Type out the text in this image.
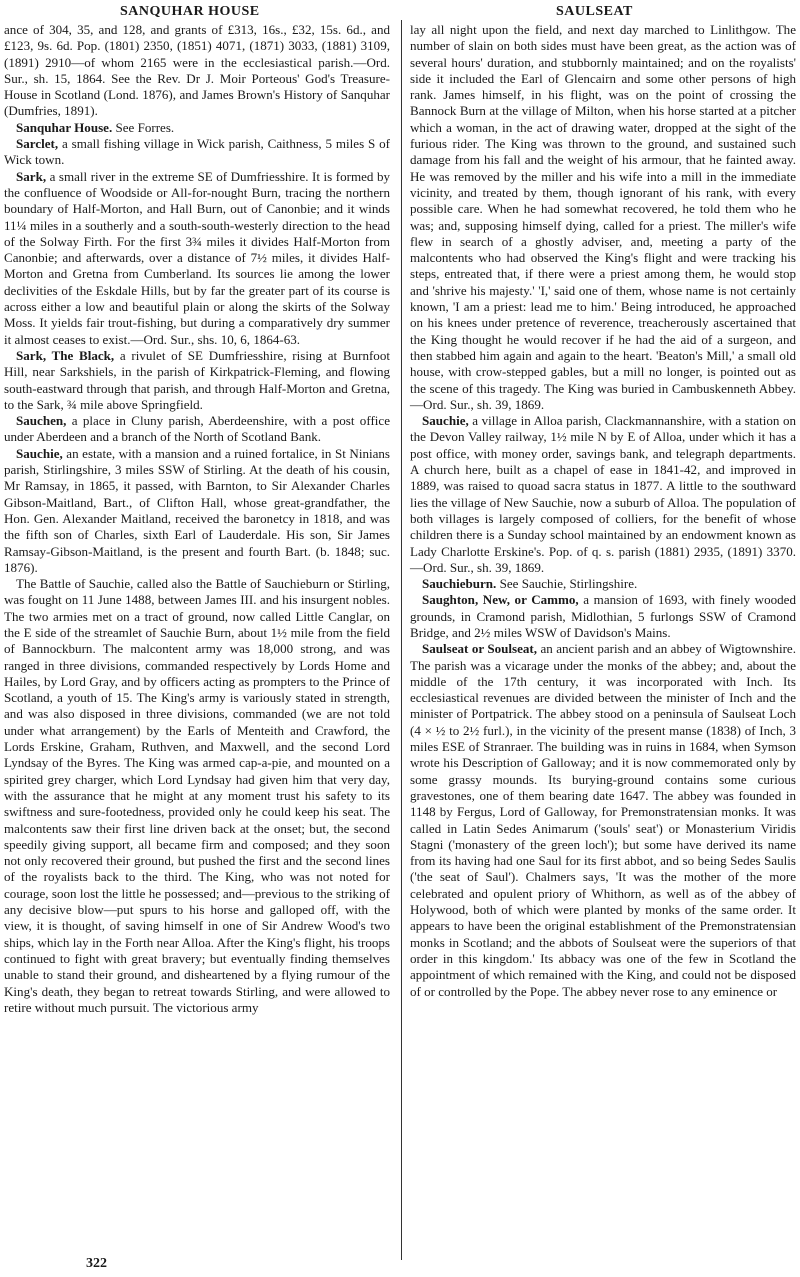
SANQUHAR HOUSE	SAULSEAT

ance of 304, 35, and 128, and grants of £313, 16s., £32, 15s. 6d., and £123, 9s. 6d. Pop. (1801) 2350, (1851) 4071, (1871) 3033, (1881) 3109, (1891) 2910—of whom 2165 were in the ecclesiastical parish.—Ord. Sur., sh. 15, 1864. See the Rev. Dr J. Moir Porteous' God's Treasure-House in Scotland (Lond. 1876), and James Brown's History of Sanquhar (Dumfries, 1891).

Sanquhar House. See Forres.

Sarclet, a small fishing village in Wick parish, Caithness, 5 miles S of Wick town.

Sark, a small river in the extreme SE of Dumfriesshire. It is formed by the confluence of Woodside or All-for-nought Burn, tracing the northern boundary of Half-Morton, and Hall Burn, out of Canonbie; and it winds 11¼ miles in a southerly and a south-south-westerly direction to the head of the Solway Firth. For the first 3¾ miles it divides Half-Morton from Canonbie; and afterwards, over a distance of 7½ miles, it divides Half-Morton and Gretna from Cumberland. Its sources lie among the lower declivities of the Eskdale Hills, but by far the greater part of its course is across either a low and beautiful plain or along the skirts of the Solway Moss. It yields fair trout-fishing, but during a comparatively dry summer it almost ceases to exist.—Ord. Sur., shs. 10, 6, 1864-63.

Sark, The Black, a rivulet of SE Dumfriesshire, rising at Burnfoot Hill, near Sarkshiels, in the parish of Kirkpatrick-Fleming, and flowing south-eastward through that parish, and through Half-Morton and Gretna, to the Sark, ¾ mile above Springfield.

Sauchen, a place in Cluny parish, Aberdeenshire, with a post office under Aberdeen and a branch of the North of Scotland Bank.

Sauchie, an estate, with a mansion and a ruined fortalice, in St Ninians parish, Stirlingshire, 3 miles SSW of Stirling. At the death of his cousin, Mr Ramsay, in 1865, it passed, with Barnton, to Sir Alexander Charles Gibson-Maitland, Bart., of Clifton Hall, whose great-grandfather, the Hon. Gen. Alexander Maitland, received the baronetcy in 1818, and was the fifth son of Charles, sixth Earl of Lauderdale. His son, Sir James Ramsay-Gibson-Maitland, is the present and fourth Bart. (b. 1848; suc. 1876).

The Battle of Sauchie, called also the Battle of Sauchieburn or Stirling, was fought on 11 June 1488, between James III. and his insurgent nobles. The two armies met on a tract of ground, now called Little Canglar, on the E side of the streamlet of Sauchie Burn, about 1½ mile from the field of Bannockburn. The malcontent army was 18,000 strong, and was ranged in three divisions, commanded respectively by Lords Home and Hailes, by Lord Gray, and by officers acting as prompters to the Prince of Scotland, a youth of 15. The King's army is variously stated in strength, and was also disposed in three divisions, commanded (we are not told under what arrangement) by the Earls of Menteith and Crawford, the Lords Erskine, Graham, Ruthven, and Maxwell, and the second Lord Lyndsay of the Byres. The King was armed cap-a-pie, and mounted on a spirited grey charger, which Lord Lyndsay had given him that very day, with the assurance that he might at any moment trust his safety to its swiftness and sure-footedness, provided only he could keep his seat. The malcontents saw their first line driven back at the onset; but, the second speedily giving support, all became firm and composed; and they soon not only recovered their ground, but pushed the first and the second lines of the royalists back to the third. The King, who was not noted for courage, soon lost the little he possessed; and—previous to the striking of any decisive blow—put spurs to his horse and galloped off, with the view, it is thought, of saving himself in one of Sir Andrew Wood's two ships, which lay in the Forth near Alloa. After the King's flight, his troops continued to fight with great bravery; but eventually finding themselves unable to stand their ground, and disheartened by a flying rumour of the King's death, they began to retreat towards Stirling, and were allowed to retire without much pursuit. The victorious army

lay all night upon the field, and next day marched to Linlithgow. The number of slain on both sides must have been great, as the action was of several hours' duration, and stubbornly maintained; and on the royalists' side it included the Earl of Glencairn and some other persons of high rank. James himself, in his flight, was on the point of crossing the Bannock Burn at the village of Milton, when his horse started at a pitcher which a woman, in the act of drawing water, dropped at the sight of the furious rider. The King was thrown to the ground, and sustained such damage from his fall and the weight of his armour, that he fainted away. He was removed by the miller and his wife into a mill in the immediate vicinity, and treated by them, though ignorant of his rank, with every possible care. When he had somewhat recovered, he told them who he was; and, supposing himself dying, called for a priest. The miller's wife flew in search of a ghostly adviser, and, meeting a party of the malcontents who had observed the King's flight and were tracking his steps, entreated that, if there were a priest among them, he would stop and 'shrive his majesty.' 'I,' said one of them, whose name is not certainly known, 'I am a priest: lead me to him.' Being introduced, he approached on his knees under pretence of reverence, treacherously ascertained that the King thought he would recover if he had the aid of a surgeon, and then stabbed him again and again to the heart. 'Beaton's Mill,' a small old house, with crow-stepped gables, but a mill no longer, is pointed out as the scene of this tragedy. The King was buried in Cambuskenneth Abbey.—Ord. Sur., sh. 39, 1869.

Sauchie, a village in Alloa parish, Clackmannanshire, with a station on the Devon Valley railway, 1½ mile N by E of Alloa, under which it has a post office, with money order, savings bank, and telegraph departments. A church here, built as a chapel of ease in 1841-42, and improved in 1889, was raised to quoad sacra status in 1877. A little to the southward lies the village of New Sauchie, now a suburb of Alloa. The population of both villages is largely composed of colliers, for the benefit of whose children there is a Sunday school maintained by an endowment known as Lady Charlotte Erskine's. Pop. of q. s. parish (1881) 2935, (1891) 3370.—Ord. Sur., sh. 39, 1869.

Sauchieburn. See Sauchie, Stirlingshire.

Saughton, New, or Cammo, a mansion of 1693, with finely wooded grounds, in Cramond parish, Midlothian, 5 furlongs SSW of Cramond Bridge, and 2½ miles WSW of Davidson's Mains.

Saulseat or Soulseat, an ancient parish and an abbey of Wigtownshire. The parish was a vicarage under the monks of the abbey; and, about the middle of the 17th century, it was incorporated with Inch. Its ecclesiastical revenues are divided between the minister of Inch and the minister of Portpatrick. The abbey stood on a peninsula of Saulseat Loch (4 × ½ to 2½ furl.), in the vicinity of the present manse (1838) of Inch, 3 miles ESE of Stranraer. The building was in ruins in 1684, when Symson wrote his Description of Galloway; and it is now commemorated only by some grassy mounds. Its burying-ground contains some curious gravestones, one of them bearing date 1647. The abbey was founded in 1148 by Fergus, Lord of Galloway, for Premonstratensian monks. It was called in Latin Sedes Animarum ('souls' seat') or Monasterium Viridis Stagni ('monastery of the green loch'); but some have derived its name from its having had one Saul for its first abbot, and so being Sedes Saulis ('the seat of Saul'). Chalmers says, 'It was the mother of the more celebrated and opulent priory of Whithorn, as well as of the abbey of Holywood, both of which were planted by monks of the same order. It appears to have been the original establishment of the Premonstratensian monks in Scotland; and the abbots of Soulseat were the superiors of that order in this kingdom.' Its abbacy was one of the few in Scotland the appointment of which remained with the King, and could not be disposed of or controlled by the Pope. The abbey never rose to any eminence or

322
